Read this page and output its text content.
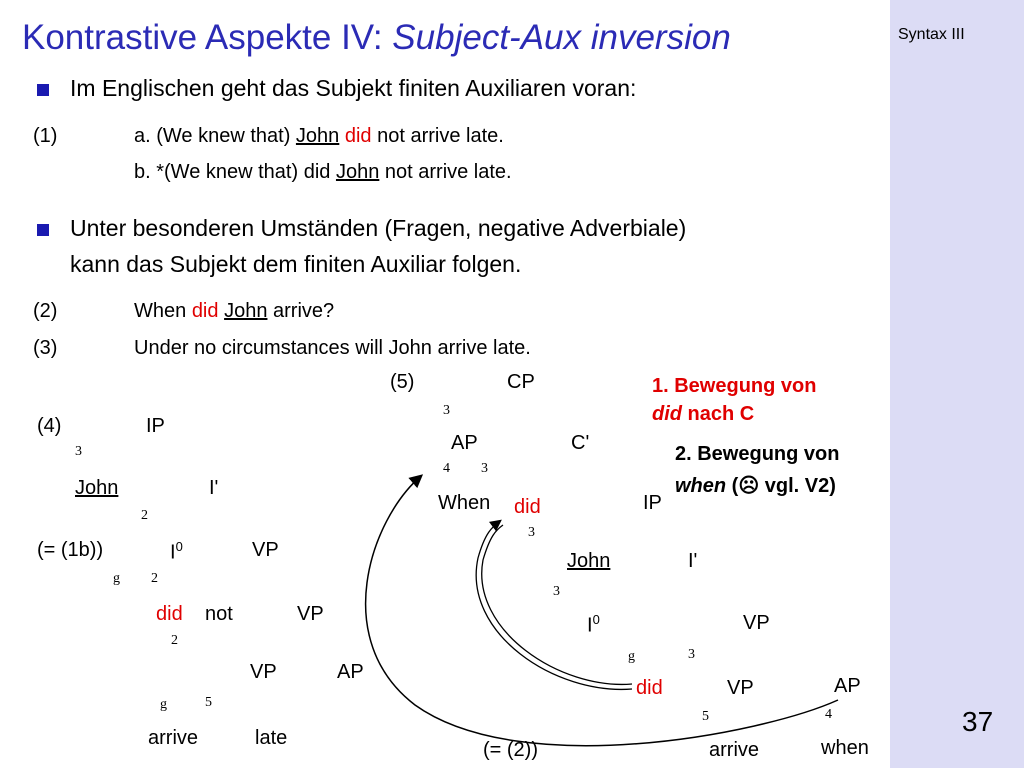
Syntax III
37
Kontrastive Aspekte IV: Subject-Aux inversion
Im Englischen geht das Subjekt finiten Auxiliaren voran:
(1)	a. (We knew that) John did not arrive late.
b. *(We knew that) did John not arrive late.
Unter besonderen Umständen (Fragen, negative Adverbiale)
kann das Subjekt dem finiten Auxiliar folgen.
(2)	When did John arrive?
(3)	Under no circumstances will John arrive late.
(4)	IP
3
John	I'
2
(= (1b))	$I^0$	VP
g 2
did not	VP
2
VP	AP
g	5
arrive	late
(5)	CP
3
AP	C'
4 3
When did	IP
3
John	I'
3
$I^0$	VP
g	3
did	VP	AP
5	4
(= (2))	arrive	when
1. Bewegung von
did nach C
2. Bewegung von
when (☹ vgl. V2)
